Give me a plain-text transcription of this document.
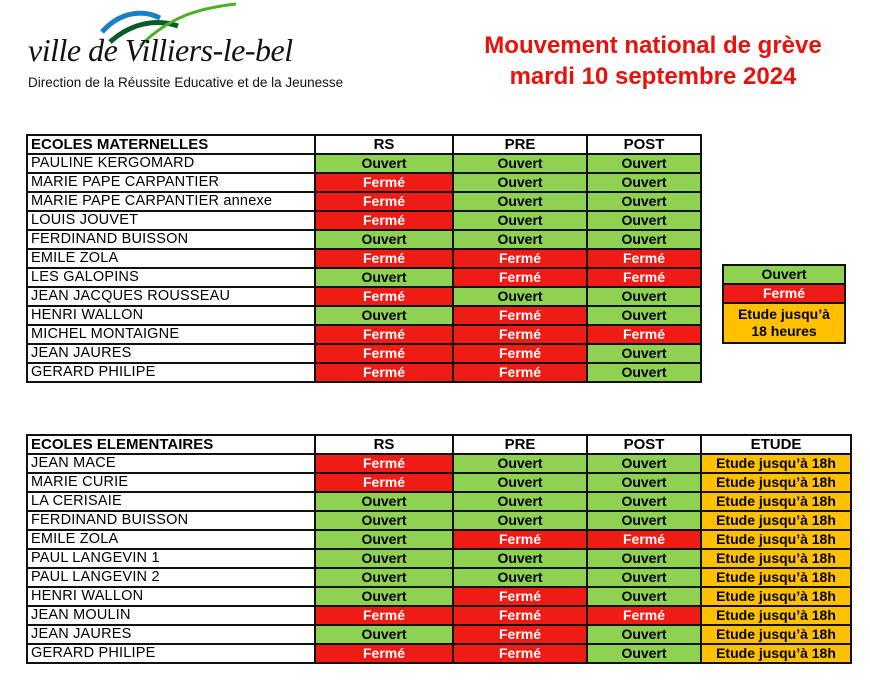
ville de Villiers-le-bel
Direction de la Réussite Educative et de la Jeunesse
Mouvement national de grève
mardi 10 septembre 2024
ECOLES MATERNELLES	RS	PRE	POST
PAULINE KERGOMARD	Ouvert	Ouvert	Ouvert
MARIE PAPE CARPANTIER	Fermé	Ouvert	Ouvert
MARIE PAPE CARPANTIER annexe	Fermé	Ouvert	Ouvert
LOUIS JOUVET	Fermé	Ouvert	Ouvert
FERDINAND BUISSON	Ouvert	Ouvert	Ouvert
EMILE ZOLA	Fermé	Fermé	Fermé
LES GALOPINS	Ouvert	Fermé	Fermé
JEAN JACQUES ROUSSEAU	Fermé	Ouvert	Ouvert
HENRI WALLON	Ouvert	Fermé	Ouvert
MICHEL MONTAIGNE	Fermé	Fermé	Fermé
JEAN JAURES	Fermé	Fermé	Ouvert
GERARD PHILIPE	Fermé	Fermé	Ouvert
Ouvert
Fermé

Etude jusqu’à
18 heures
ECOLES ELEMENTAIRES	RS	PRE	POST	ETUDE
JEAN MACE	Fermé	Ouvert	Ouvert	Etude jusqu’à 18h
MARIE CURIE	Fermé	Ouvert	Ouvert	Etude jusqu’à 18h
LA CERISAIE	Ouvert	Ouvert	Ouvert	Etude jusqu’à 18h
FERDINAND BUISSON	Ouvert	Ouvert	Ouvert	Etude jusqu’à 18h
EMILE ZOLA	Ouvert	Fermé	Fermé	Etude jusqu’à 18h
PAUL LANGEVIN 1	Ouvert	Ouvert	Ouvert	Etude jusqu’à 18h
PAUL LANGEVIN 2	Ouvert	Ouvert	Ouvert	Etude jusqu’à 18h
HENRI WALLON	Ouvert	Fermé	Ouvert	Etude jusqu’à 18h
JEAN MOULIN	Fermé	Fermé	Fermé	Etude jusqu’à 18h
JEAN JAURES	Ouvert	Fermé	Ouvert	Etude jusqu’à 18h
GERARD PHILIPE	Fermé	Fermé	Ouvert	Etude jusqu’à 18h
